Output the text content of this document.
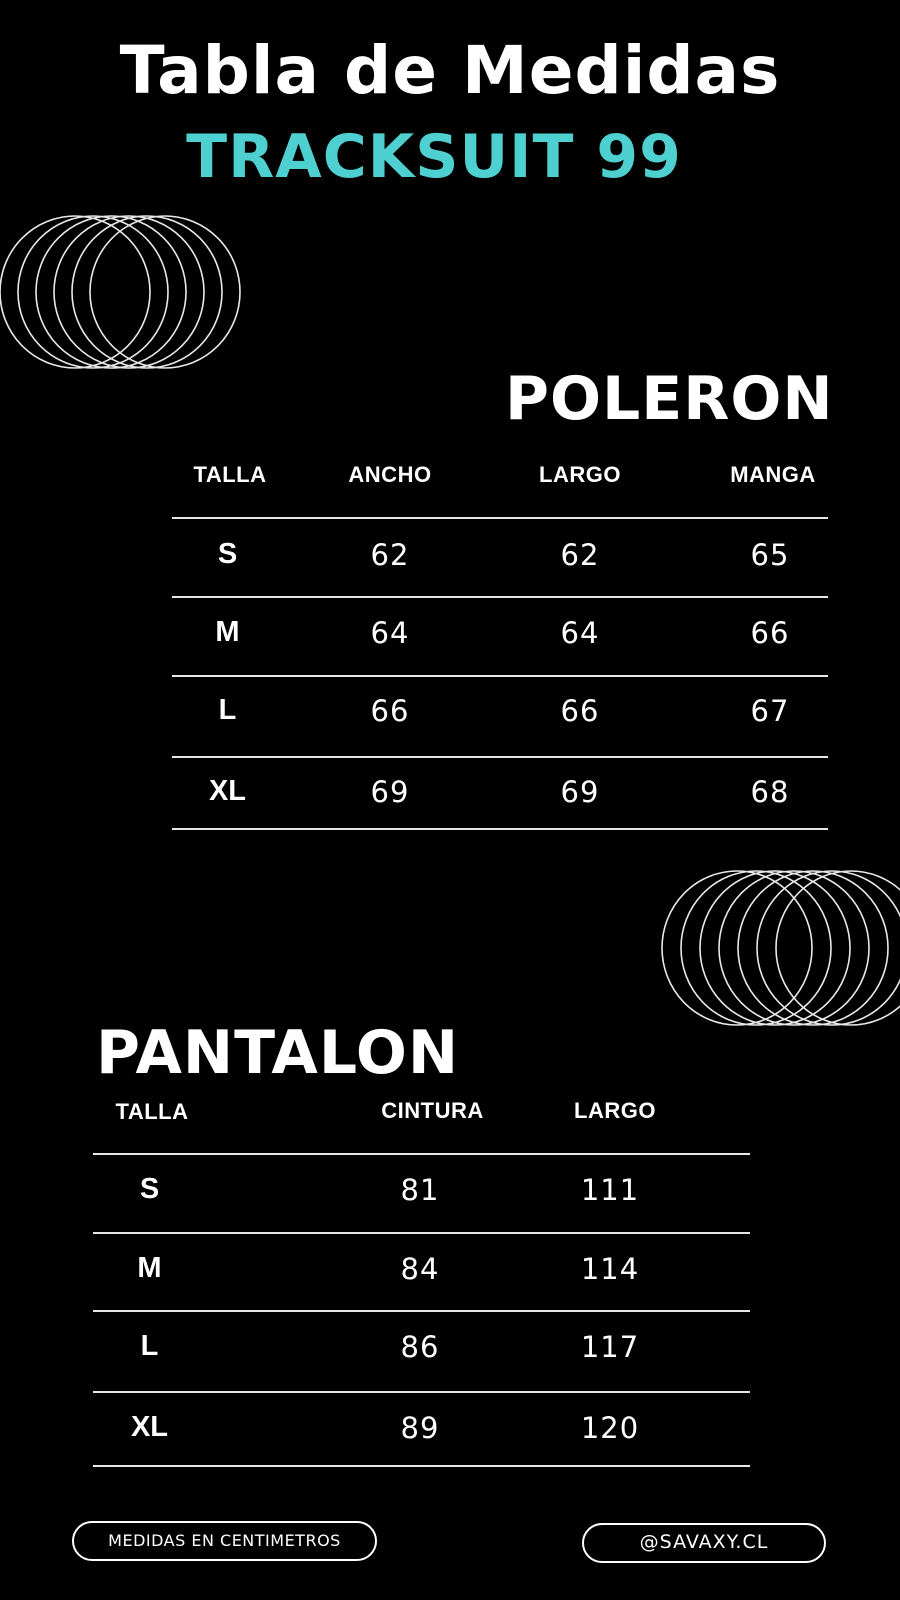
Tabla de Medidas
TRACKSUIT 99
POLERON
TALLA	ANCHO	LARGO	MANGA
S	62	62	65
M	64	64	66
L	66	66	67
XL	69	69	68
PANTALON
TALLA	CINTURA	LARGO
S	81	111
M	84	114
L	86	117
XL	89	120
MEDIDAS EN CENTIMETROS	@SAVAXY.CL
